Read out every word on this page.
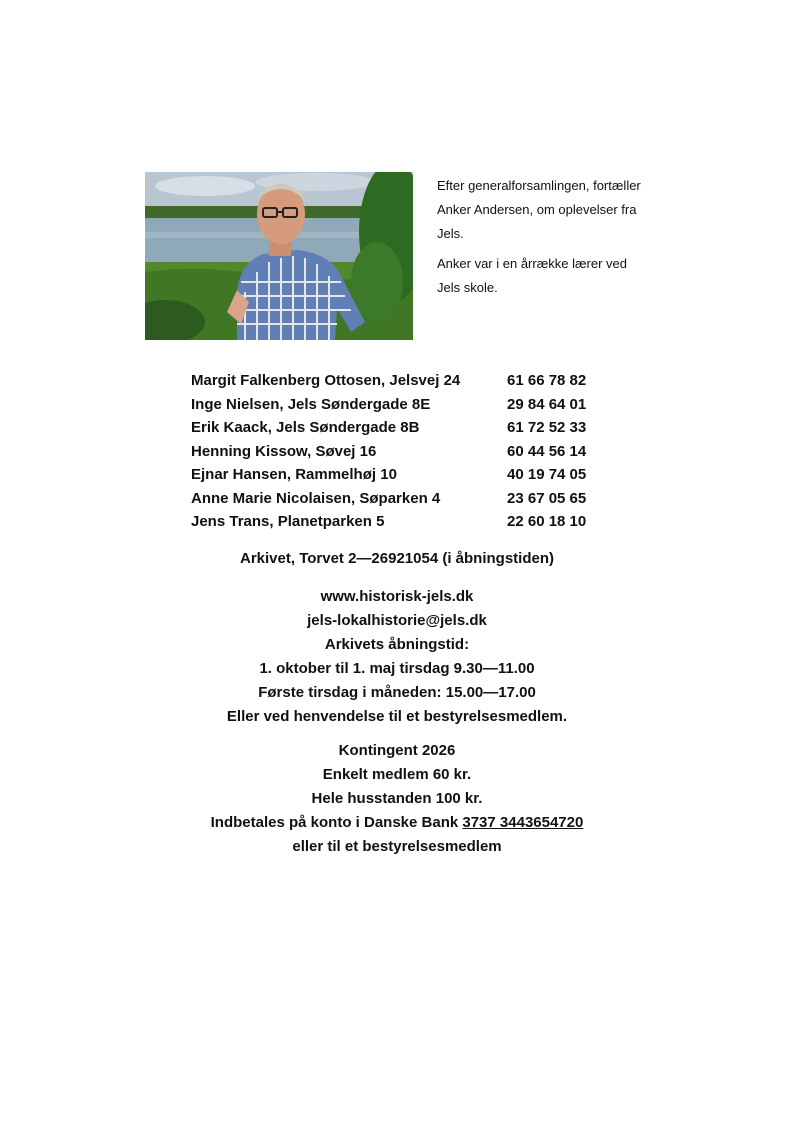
Efter generalforsamlingen, fortæller Anker Andersen, om oplevelser fra Jels.

Anker var i en årrække lærer ved Jels skole.

Margit Falkenberg Ottosen, Jelsvej 24	61 66 78 82
Inge Nielsen, Jels Søndergade 8E	29 84 64 01
Erik Kaack, Jels Søndergade 8B	61 72 52 33
Henning Kissow, Søvej 16	60 44 56 14
Ejnar Hansen, Rammelhøj 10	40 19 74 05
Anne Marie Nicolaisen, Søparken 4	23 67 05 65
Jens Trans, Planetparken 5	22 60 18 10
Arkivet, Torvet 2—26921054 (i åbningstiden)
www.historisk-jels.dk
jels-lokalhistorie@jels.dk
Arkivets åbningstid:
1. oktober til 1. maj tirsdag 9.30—11.00
Første tirsdag i måneden: 15.00—17.00
Eller ved henvendelse til et bestyrelsesmedlem.
Kontingent 2026
Enkelt medlem 60 kr.
Hele husstanden 100 kr.
Indbetales på konto i Danske Bank 3737 3443654720
eller til et bestyrelsesmedlem
